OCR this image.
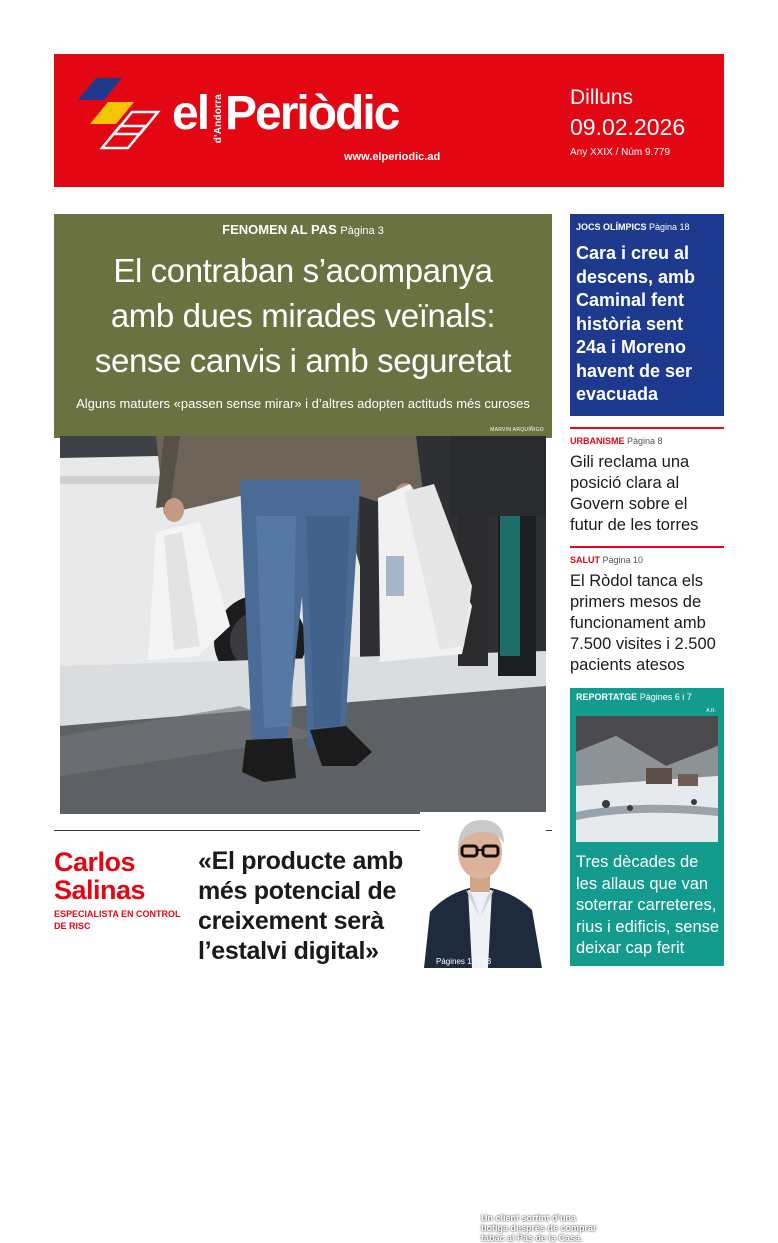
el d'Andorra Periòdic
www.elperiodic.ad
Dilluns
09.02.2026
Any XXIX / Núm 9.779
FENOMEN AL PAS Pàgina 3
El contraban s’acompanya
amb dues mirades veïnals:
sense canvis i amb seguretat
Alguns matuters «passen sense mirar» i d’altres adopten actituds més curoses
MARVIN ARQUÍÑIGO
Un client sortint d’una botiga després de comprar tabac al Pas de la Casa.
Carlos
Salinas
ESPECIALISTA EN CONTROL DE RISC
«El producte amb
més potencial de
creixement serà
l’estalvi digital»	Pàgines 12 i 13
JOCS OLÍMPICS Pàgina 18
Cara i creu al
descens, amb
Caminal fent
història sent
24a i Moreno
havent de ser
evacuada
URBANISME Pàgina 8
Gili reclama una
posició clara al
Govern sobre el
futur de les torres
SALUT Pàgina 10
El Ròdol tanca els
primers mesos de
funcionament amb
7.500 visites i 2.500
pacients atesos
REPORTATGE Pàgines 6 i 7
A.R.
Tres dècades de
les allaus que van
soterrar carreteres,
rius i edificis, sense
deixar cap ferit
